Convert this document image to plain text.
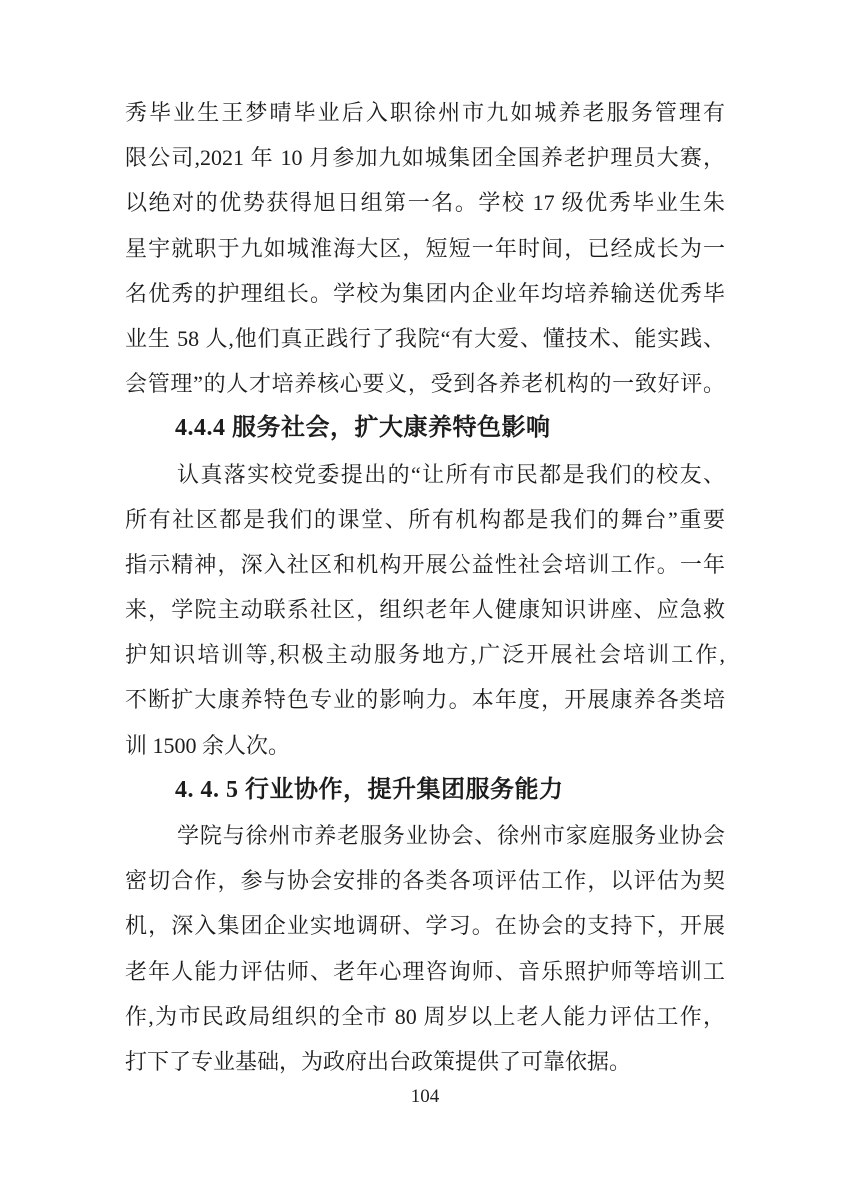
秀毕业生王梦晴毕业后入职徐州市九如城养老服务管理有
限公司,2021 年 10 月参加九如城集团全国养老护理员大赛，
以绝对的优势获得旭日组第一名。学校 17 级优秀毕业生朱
星宇就职于九如城淮海大区，短短一年时间，已经成长为一
名优秀的护理组长。学校为集团内企业年均培养输送优秀毕
业生 58 人,他们真正践行了我院“有大爱、懂技术、能实践、
会管理”的人才培养核心要义，受到各养老机构的一致好评。
4.4.4 服务社会，扩大康养特色影响
认真落实校党委提出的“让所有市民都是我们的校友、
所有社区都是我们的课堂、所有机构都是我们的舞台”重要
指示精神，深入社区和机构开展公益性社会培训工作。一年
来，学院主动联系社区，组织老年人健康知识讲座、应急救
护知识培训等,积极主动服务地方,广泛开展社会培训工作,
不断扩大康养特色专业的影响力。本年度，开展康养各类培
训 1500 余人次。
4. 4. 5 行业协作，提升集团服务能力
学院与徐州市养老服务业协会、徐州市家庭服务业协会
密切合作，参与协会安排的各类各项评估工作，以评估为契
机，深入集团企业实地调研、学习。在协会的支持下，开展
老年人能力评估师、老年心理咨询师、音乐照护师等培训工
作,为市民政局组织的全市 80 周岁以上老人能力评估工作，
打下了专业基础，为政府出台政策提供了可靠依据。
104
